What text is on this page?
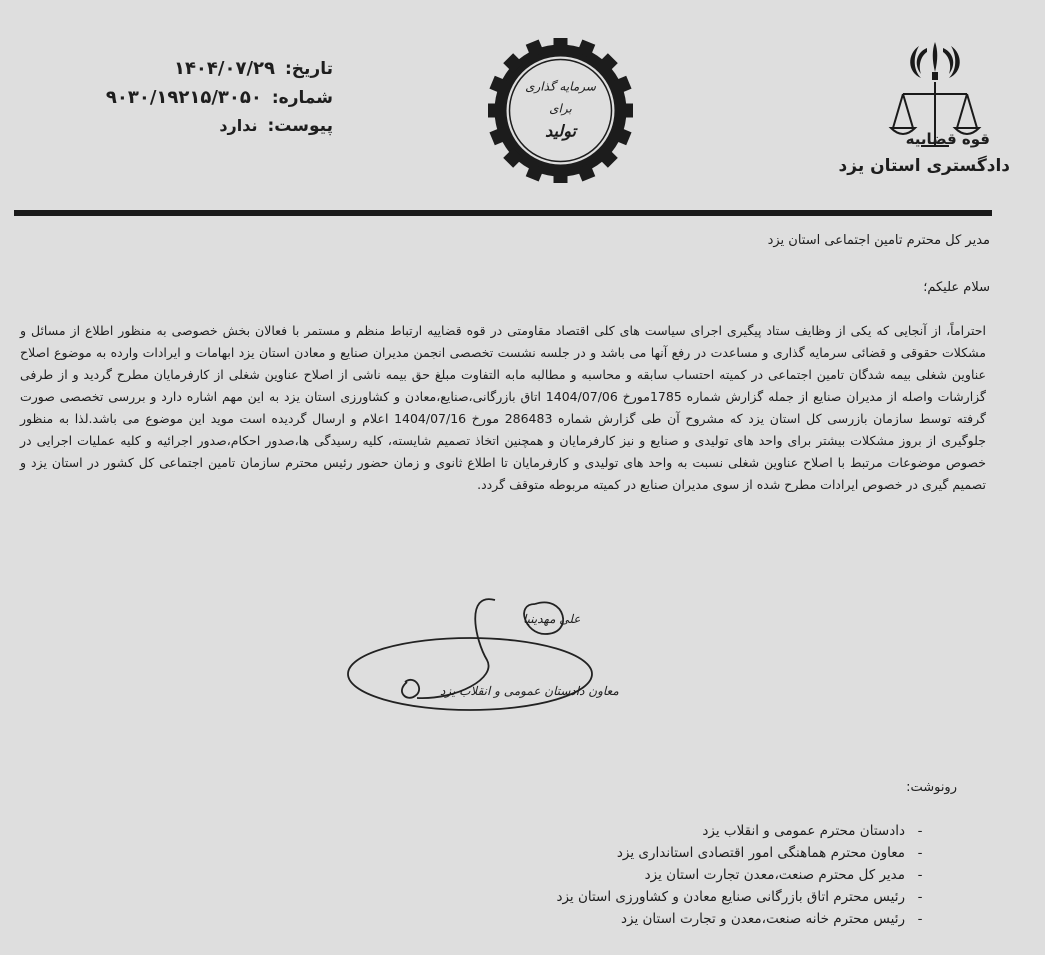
قوه قضاییه
دادگستری استان یزد
سرمایه گذاری
برای
تولید
تاریخ:
۱۴۰۴/۰۷/۲۹
شماره:
۹۰۳۰/۱۹۲۱۵/۳۰۵۰
پیوست:
ندارد
مدیر کل محترم تامین اجتماعی استان یزد
سلام علیکم؛
احتراماً، از آنجایی که یکی از وظایف ستاد پیگیری اجرای سیاست های کلی اقتصاد مقاومتی در قوه قضاییه ارتباط منظم و مستمر با فعالان بخش خصوصی به منظور اطلاع از مسائل و مشکلات حقوقی و قضائی سرمایه گذاری و مساعدت در رفع آنها می باشد و در جلسه نشست تخصصی انجمن مدیران صنایع و معادن استان یزد ابهامات و ایرادات وارده به موضوع اصلاح عناوین شغلی بیمه شدگان تامین اجتماعی در کمیته احتساب سابقه و محاسبه و مطالبه مابه التفاوت مبلغ حق بیمه ناشی از اصلاح عناوین شغلی از کارفرمایان مطرح گردید و از طرفی گزارشات واصله از مدیران صنایع از جمله گزارش شماره 1785مورخ 1404/07/06 اتاق بازرگانی،صنایع،معادن و کشاورزی استان یزد به این مهم اشاره دارد و بررسی تخصصی صورت گرفته توسط سازمان بازرسی کل استان یزد که مشروح آن طی گزارش شماره 286483 مورخ 1404/07/16 اعلام و ارسال گردیده است موید این موضوع می باشد.لذا به منظور جلوگیری از بروز مشکلات بیشتر برای واحد های تولیدی و صنایع و نیز کارفرمایان و همچنین اتخاذ تصمیم شایسته، کلیه رسیدگی ها،صدور احکام،صدور اجرائیه و کلیه عملیات اجرایی در خصوص موضوعات مرتبط با اصلاح عناوین شغلی نسبت به واحد های تولیدی و کارفرمایان تا اطلاع ثانوی و زمان حضور رئیس محترم سازمان تامین اجتماعی کل کشور در استان یزد و تصمیم گیری در خصوص ایرادات مطرح شده از سوی مدیران صنایع در کمیته مربوطه متوقف گردد.
علی مهدینیا
معاون دادستان عمومی و انقلاب یزد
رونوشت:
-
دادستان محترم عمومی و انقلاب یزد
-
معاون محترم هماهنگی امور اقتصادی استانداری یزد
-
مدیر کل محترم صنعت،معدن تجارت استان یزد
-
رئیس محترم اتاق بازرگانی صنایع معادن و کشاورزی استان یزد
-
رئیس محترم خانه صنعت،معدن و تجارت استان یزد
